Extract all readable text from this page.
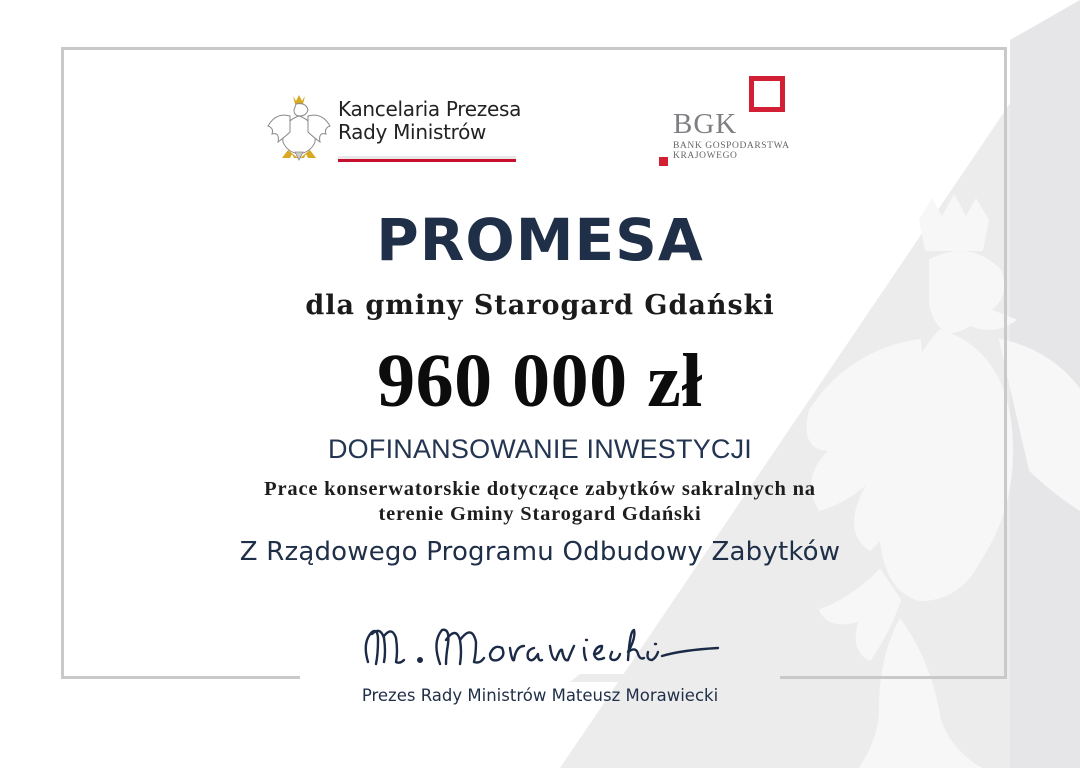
Kancelaria Prezesa
Rady Ministrów	BGK
BANK GOSPODARSTWA
KRAJOWEGO
PROMESA
dla gminy Starogard Gdański
960 000 zł
DOFINANSOWANIE INWESTYCJI
Prace konserwatorskie dotyczące zabytków sakralnych na
terenie Gminy Starogard Gdański
Z Rządowego Programu Odbudowy Zabytków
Prezes Rady Ministrów Mateusz Morawiecki
